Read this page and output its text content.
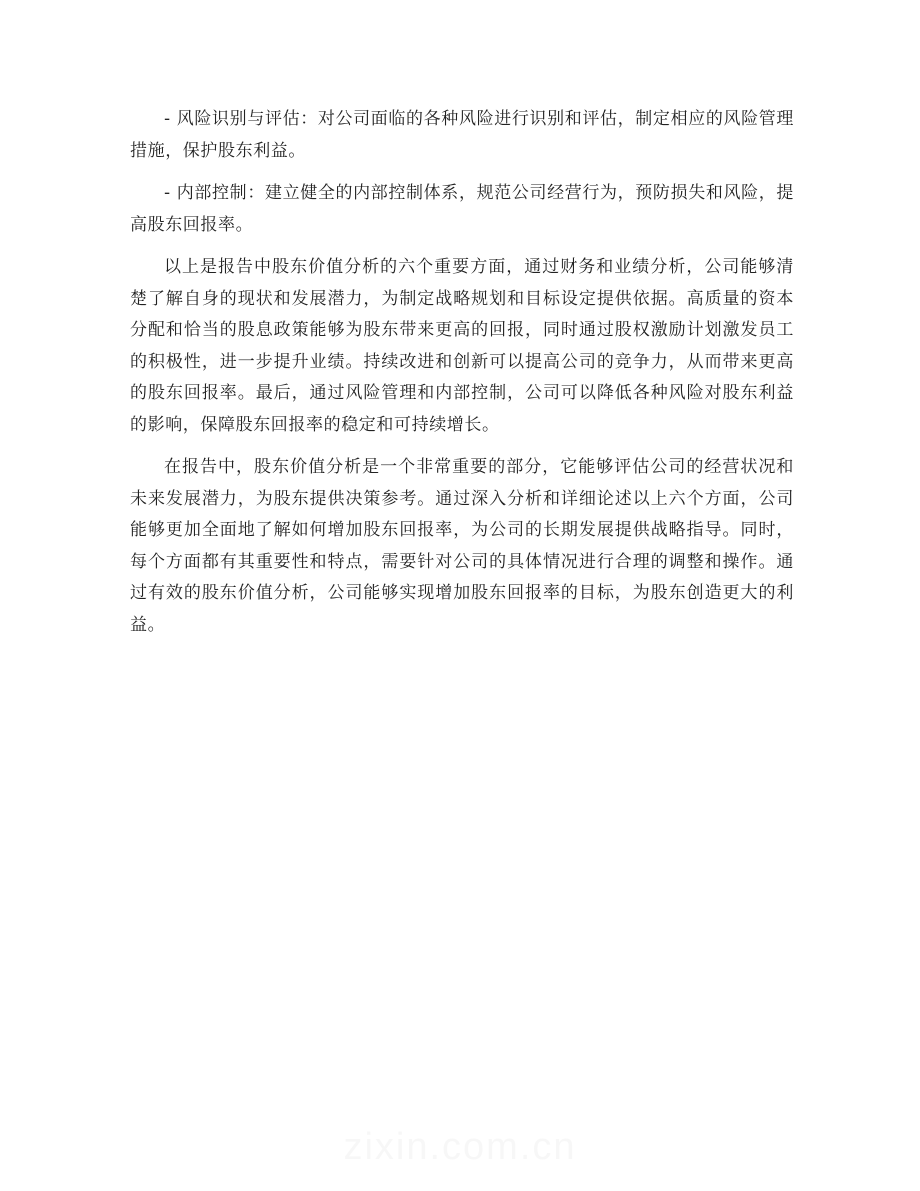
- 风险识别与评估：对公司面临的各种风险进行识别和评估，制定相应的风险管理措施，保护股东利益。

- 内部控制：建立健全的内部控制体系，规范公司经营行为，预防损失和风险，提高股东回报率。

以上是报告中股东价值分析的六个重要方面，通过财务和业绩分析，公司能够清楚了解自身的现状和发展潜力，为制定战略规划和目标设定提供依据。高质量的资本分配和恰当的股息政策能够为股东带来更高的回报，同时通过股权激励计划激发员工的积极性，进一步提升业绩。持续改进和创新可以提高公司的竞争力，从而带来更高的股东回报率。最后，通过风险管理和内部控制，公司可以降低各种风险对股东利益的影响，保障股东回报率的稳定和可持续增长。

在报告中，股东价值分析是一个非常重要的部分，它能够评估公司的经营状况和未来发展潜力，为股东提供决策参考。通过深入分析和详细论述以上六个方面，公司能够更加全面地了解如何增加股东回报率，为公司的长期发展提供战略指导。同时，每个方面都有其重要性和特点，需要针对公司的具体情况进行合理的调整和操作。通过有效的股东价值分析，公司能够实现增加股东回报率的目标，为股东创造更大的利益。

zixin.com.cn
